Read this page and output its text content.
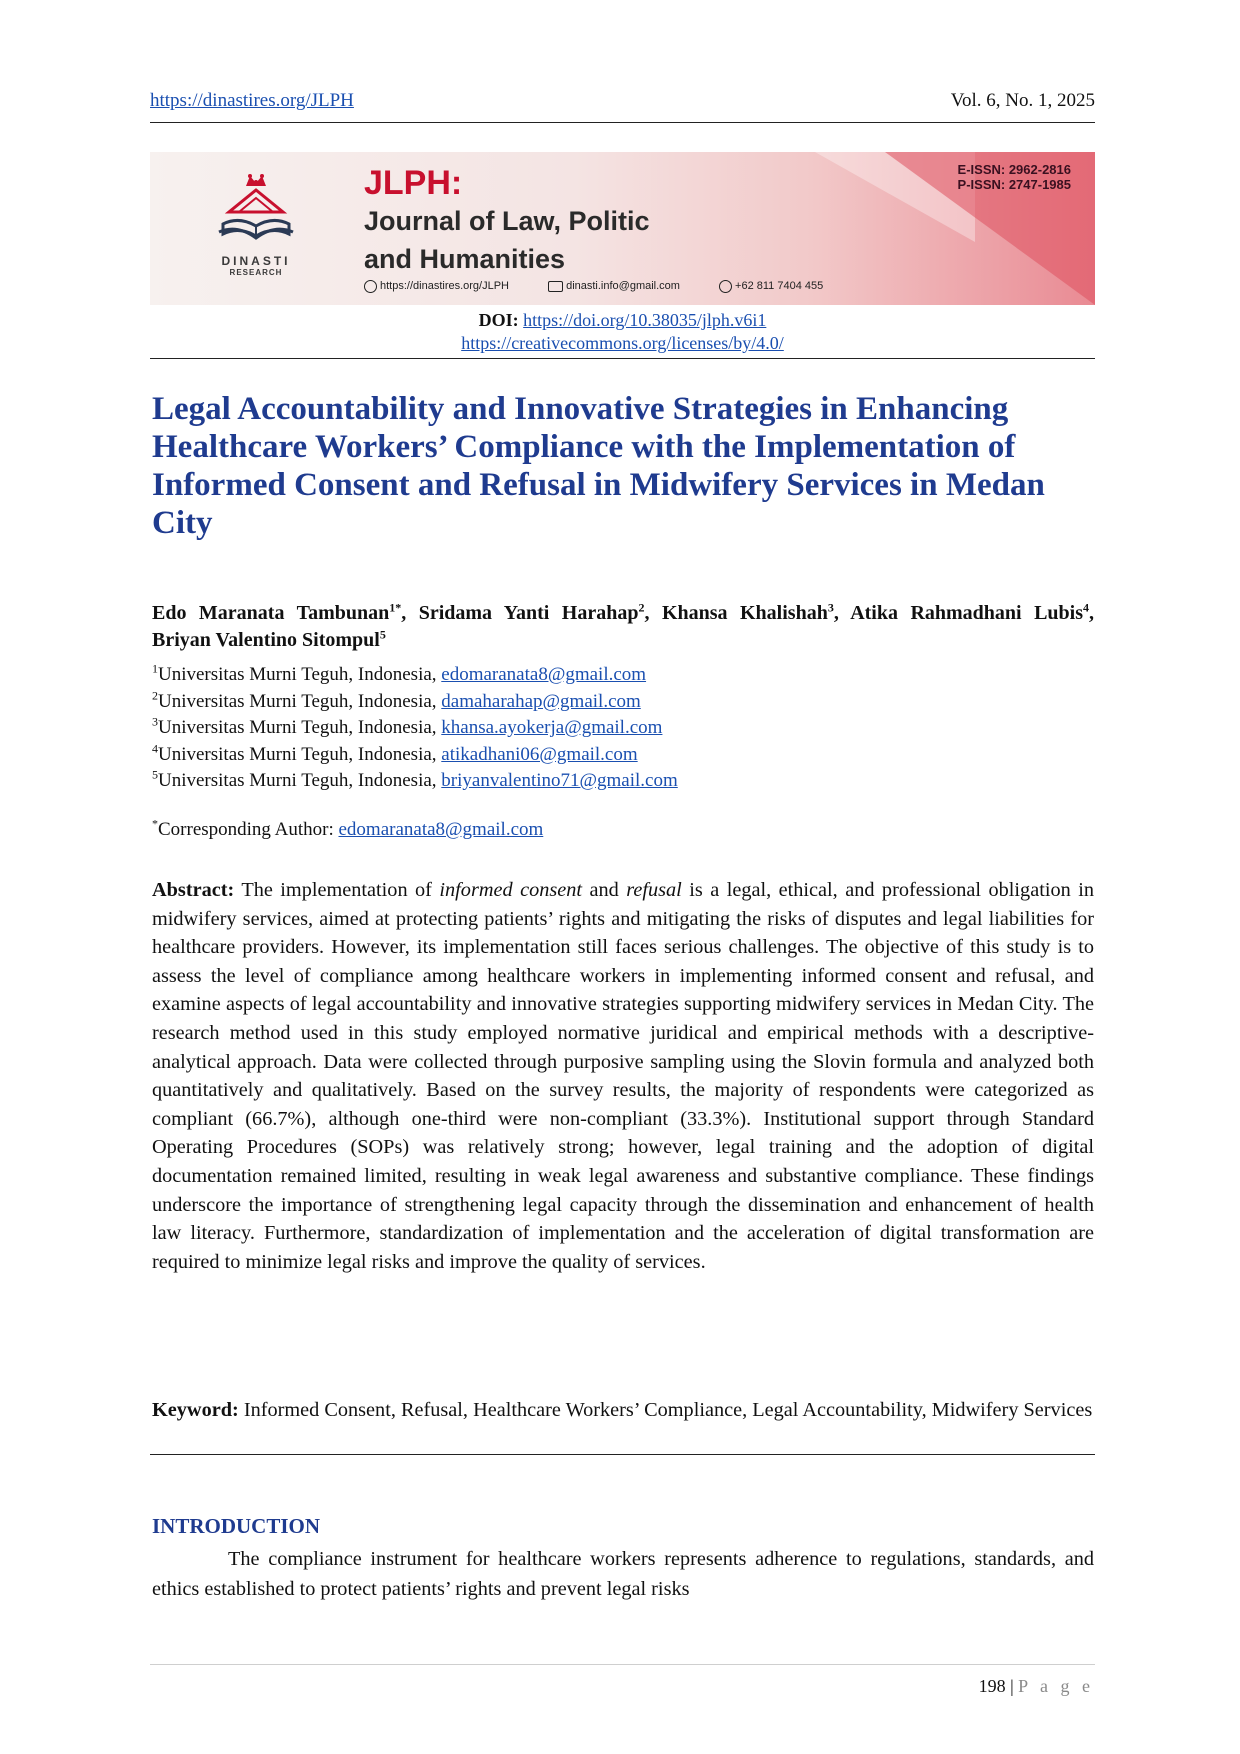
https://dinastires.org/JLPH	Vol. 6, No. 1, 2025
DINASTI
RESEARCH
JLPH:
Journal of Law, Politic
and Humanities
E-ISSN: 2962-2816
P-ISSN: 2747-1985
https://dinastires.org/JLPH	dinasti.info@gmail.com	+62 811 7404 455
DOI: https://doi.org/10.38035/jlph.v6i1
https://creativecommons.org/licenses/by/4.0/
Legal Accountability and Innovative Strategies in Enhancing Healthcare Workers’ Compliance with the Implementation of Informed Consent and Refusal in Midwifery Services in Medan City
Edo Maranata Tambunan$^{1*}$, Sridama Yanti Harahap$^2$, Khansa Khalishah$^3$, Atika Rahmadhani Lubis$^4$, Briyan Valentino Sitompul$^5$
$^1$Universitas Murni Teguh, Indonesia, edomaranata8@gmail.com
$^2$Universitas Murni Teguh, Indonesia, damaharahap@gmail.com
$^3$Universitas Murni Teguh, Indonesia, khansa.ayokerja@gmail.com
$^4$Universitas Murni Teguh, Indonesia, atikadhani06@gmail.com
$^5$Universitas Murni Teguh, Indonesia, briyanvalentino71@gmail.com
*Corresponding Author: edomaranata8@gmail.com

Abstract: The implementation of informed consent and refusal is a legal, ethical, and professional obligation in midwifery services, aimed at protecting patients’ rights and mitigating the risks of disputes and legal liabilities for healthcare providers. However, its implementation still faces serious challenges. The objective of this study is to assess the level of compliance among healthcare workers in implementing informed consent and refusal, and examine aspects of legal accountability and innovative strategies supporting midwifery services in Medan City. The research method used in this study employed normative juridical and empirical methods with a descriptive-analytical approach. Data were collected through purposive sampling using the Slovin formula and analyzed both quantitatively and qualitatively. Based on the survey results, the majority of respondents were categorized as compliant (66.7%), although one-third were non-compliant (33.3%). Institutional support through Standard Operating Procedures (SOPs) was relatively strong; however, legal training and the adoption of digital documentation remained limited, resulting in weak legal awareness and substantive compliance. These findings underscore the importance of strengthening legal capacity through the dissemination and enhancement of health law literacy. Furthermore, standardization of implementation and the acceleration of digital transformation are required to minimize legal risks and improve the quality of services.

Keyword: Informed Consent, Refusal, Healthcare Workers’ Compliance, Legal Accountability, Midwifery Services

INTRODUCTION

The compliance instrument for healthcare workers represents adherence to regulations, standards, and ethics established to protect patients’ rights and prevent legal risks

198 | P a g e
